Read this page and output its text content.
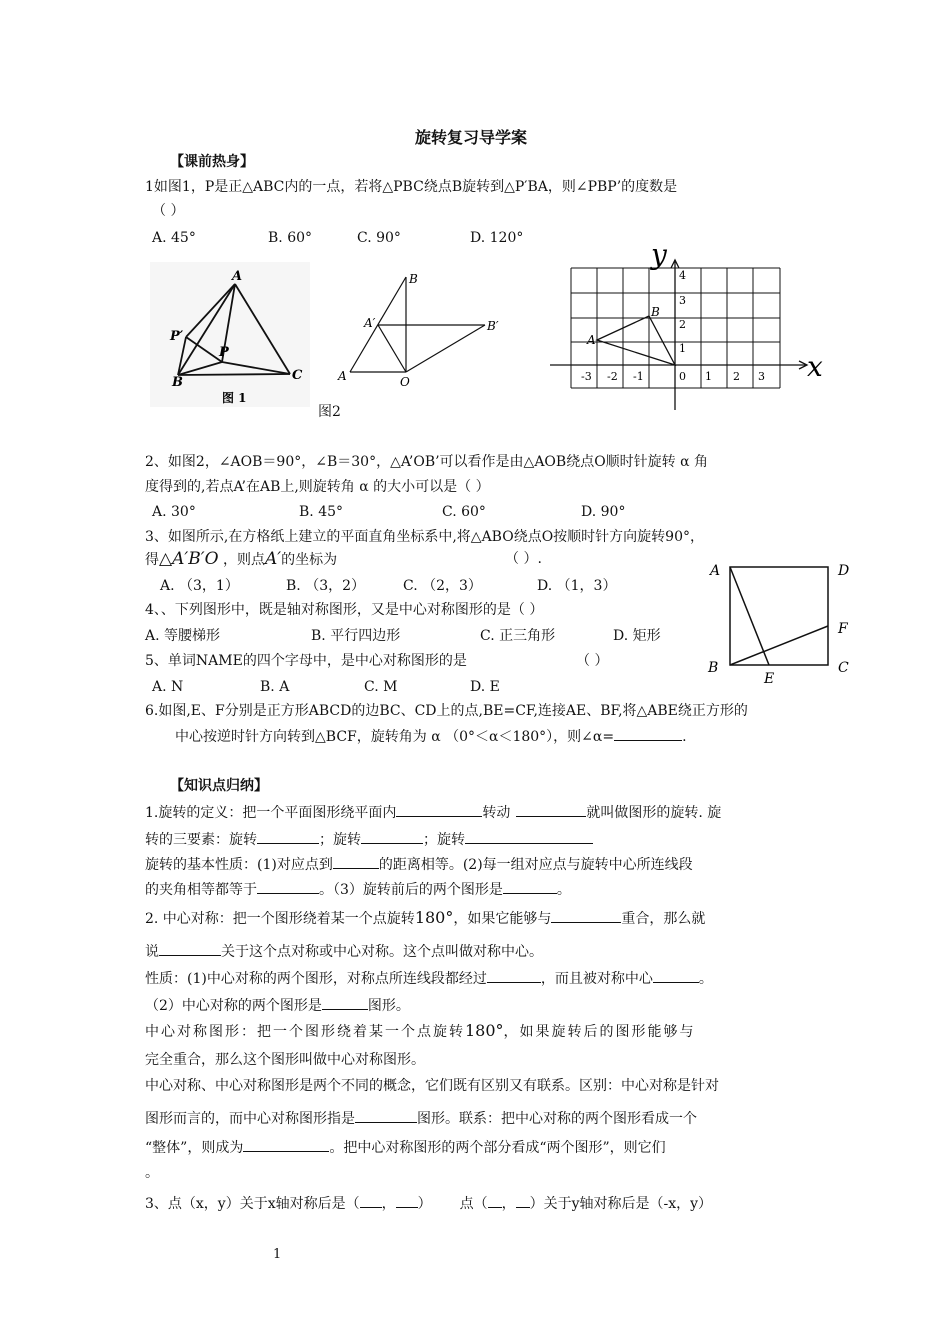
旋转复习导学案
【课前热身】
1如图1，P是正△ABC内的一点，若将△PBC绕点B旋转到△P′BA，则∠PBP’的度数是
（ ）
A. 45°	B. 60°	C. 90°	D. 120°
A
P′
P
B	C
图 1
B
A′	B′
A	O
图2
y
x
4
3
2
1
-3 -2 -1	0 1 2 3
A
B
2、如图2，∠AOB＝90°，∠B＝30°，△A’OB’可以看作是由△AOB绕点O顺时针旋转 α 角
度得到的,若点A’在AB上,则旋转角 α 的大小可以是（ ）
A. 30°	B. 45°	C. 60°	D. 90°
3、如图所示,在方格纸上建立的平面直角坐标系中,将△ABO绕点O按顺时针方向旋转90°，
得△A′B′O ，则点A′的坐标为	（ ）.
A. （3，1）	B. （3，2）	C. （2，3）	D. （1，3）
A	D
F
B
E
C
4、、下列图形中，既是轴对称图形，又是中心对称图形的是（ ）
A. 等腰梯形	B. 平行四边形	C. 正三角形	D. 矩形
5、单词NAME的四个字母中，是中心对称图形的是	（ ）
A. N	B. A	C. M	D. E
6.如图,E、F分别是正方形ABCD的边BC、CD上的点,BE=CF,连接AE、BF,将△ABE绕正方形的
中心按逆时针方向转到△BCF，旋转角为 α （0°＜α＜180°），则∠α=	.
【知识点归纳】
1.旋转的定义：把一个平面图形绕平面内	转动	就叫做图形的旋转. 旋
转的三要素：旋转	；旋转	；旋转
旋转的基本性质：(1)对应点到	的距离相等。(2)每一组对应点与旋转中心所连线段
的夹角相等都等于	。（3）旋转前后的两个图形是	。
2. 中心对称：把一个图形绕着某一个点旋转180°，如果它能够与	重合，那么就
说	关于这个点对称或中心对称。这个点叫做对称中心。
性质：(1)中心对称的两个图形，对称点所连线段都经过	，而且被对称中心	。
（2）中心对称的两个图形是	图形。
中心对称图形：把一个图形绕着某一个点旋转180°，如果旋转后的图形能够与
完全重合，那么这个图形叫做中心对称图形。
中心对称、中心对称图形是两个不同的概念，它们既有区别又有联系。区别：中心对称是针对
图形而言的，而中心对称图形指是	图形。联系：把中心对称的两个图形看成一个
“整体”，则成为	。把中心对称图形的两个部分看成“两个图形”，则它们
。
3、点（x，y）关于x轴对称后是（ ， ） 点（ ， ）关于y轴对称后是（-x，y）
1
